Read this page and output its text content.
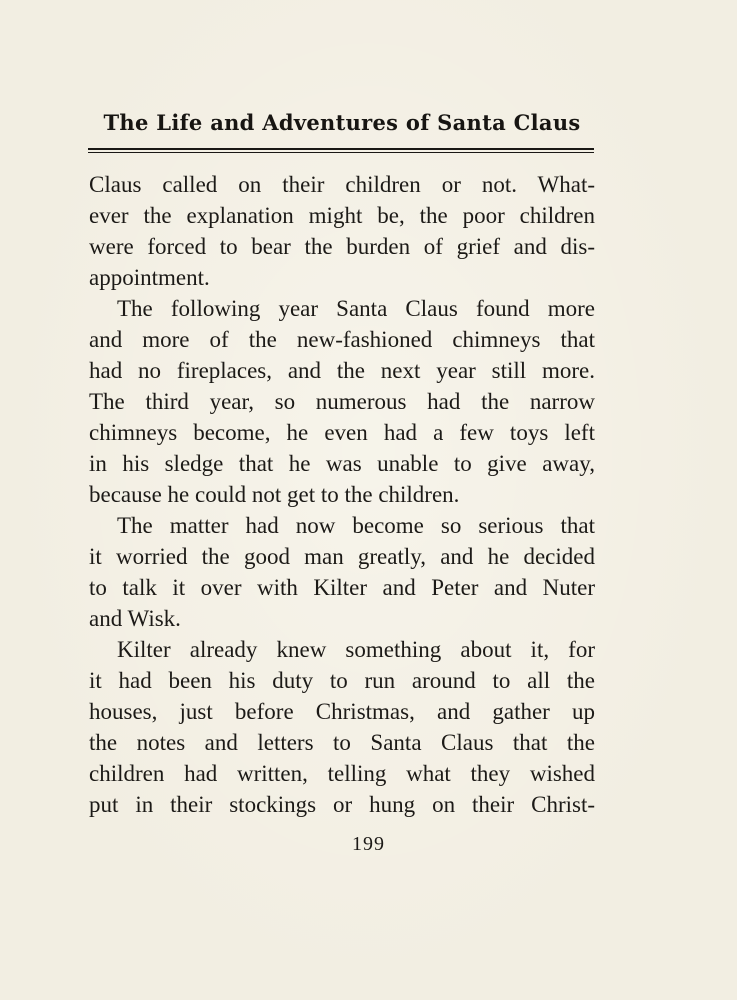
The Life and Adventures of Santa Claus
Claus called on their children or not. What-
ever the explanation might be, the poor children
were forced to bear the burden of grief and dis-
appointment.
The following year Santa Claus found more
and more of the new-fashioned chimneys that
had no fireplaces, and the next year still more.
The third year, so numerous had the narrow
chimneys become, he even had a few toys left
in his sledge that he was unable to give away,
because he could not get to the children.
The matter had now become so serious that
it worried the good man greatly, and he decided
to talk it over with Kilter and Peter and Nuter
and Wisk.
Kilter already knew something about it, for
it had been his duty to run around to all the
houses, just before Christmas, and gather up
the notes and letters to Santa Claus that the
children had written, telling what they wished
put in their stockings or hung on their Christ-
199
